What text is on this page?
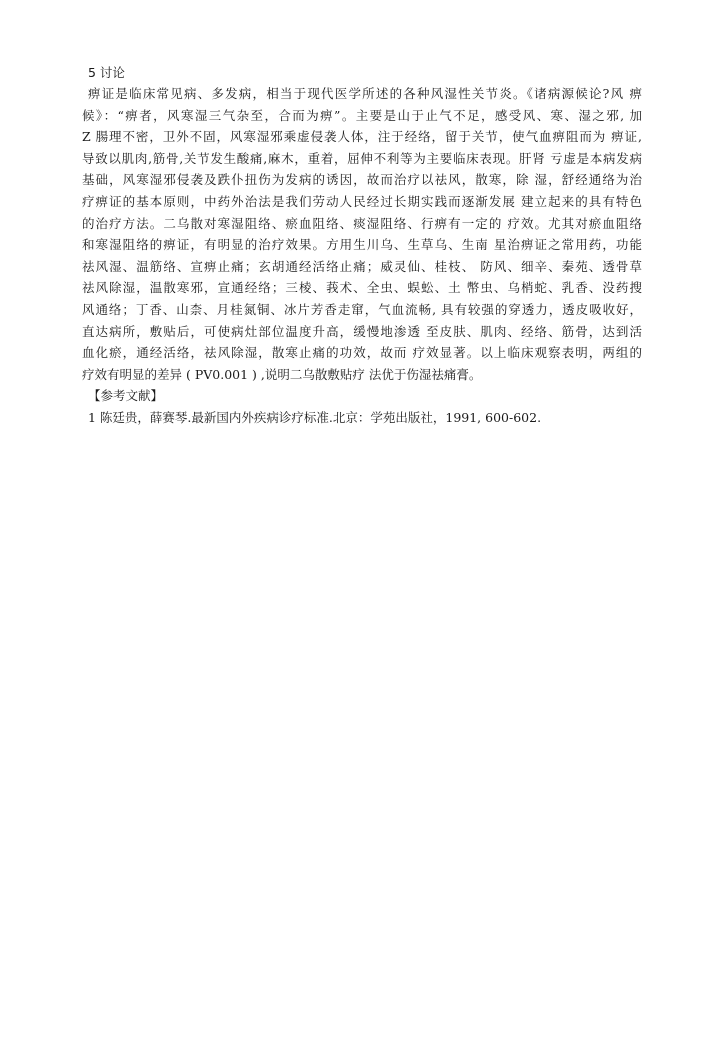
5 讨论
痹证是临床常见病、多发病，相当于现代医学所述的各种风湿性关节炎。《诸病源候论?风 痹
候》：“痹者，风寒湿三气杂至，合而为痹”。主要是山于止气不足，感受风、寒、湿之邪, 加
Z 腸理不密，卫外不固，风寒湿邪乘虚侵袭人体，注于经络，留于关节，使气血痹阻而为 痹证,
导致以肌肉,筋骨,关节发生酸痛,麻木，重着，屈伸不利等为主要临床表现。肝肾 亏虚是本病发病
基础，风寒湿邪侵袭及跌仆扭伤为发病的诱因，故而治疗以祛风，散寒，除 湿，舒经通络为治
疗痹证的基本原则，中药外治法是我们劳动人民经过长期实践而逐渐发展 建立起来的具有特色
的治疗方法。二乌散对寒湿阻络、瘀血阻络、痰湿阻络、行痹有一定的 疗效。尤其对瘀血阻络
和寒湿阻络的痹证，有明显的治疗效果。方用生川乌、生草乌、生南 星治痹证之常用药，功能
祛风湿、温筋络、宣痹止痛；玄胡通经活络止痛；威灵仙、桂枝、 防风、细辛、秦苑、透骨草
祛风除湿，温散寒邪，宣通经络；三棱、莪术、全虫、蜈蚣、土 幣虫、乌梢蛇、乳香、没药搜
风通络；丁香、山柰、月桂氮铜、冰片芳香走窜，气血流畅, 具有较强的穿透力，透皮吸收好，
直达病所，敷贴后，可使病灶部位温度升高，缓慢地渗透 至皮肤、肌肉、经络、筋骨，达到活
血化瘀，通经活络，祛风除湿，散寒止痛的功效，故而 疗效显著。以上临床观察表明，两组的
疗效有明显的差异 ( PV0.001 ) ,说明二乌散敷贴疗 法优于伤湿祛痛膏。
【参考文献】
1 陈廷贵，薛赛琴.最新国内外疾病诊疗标准.北京：学苑出版社，1991, 600-602.
